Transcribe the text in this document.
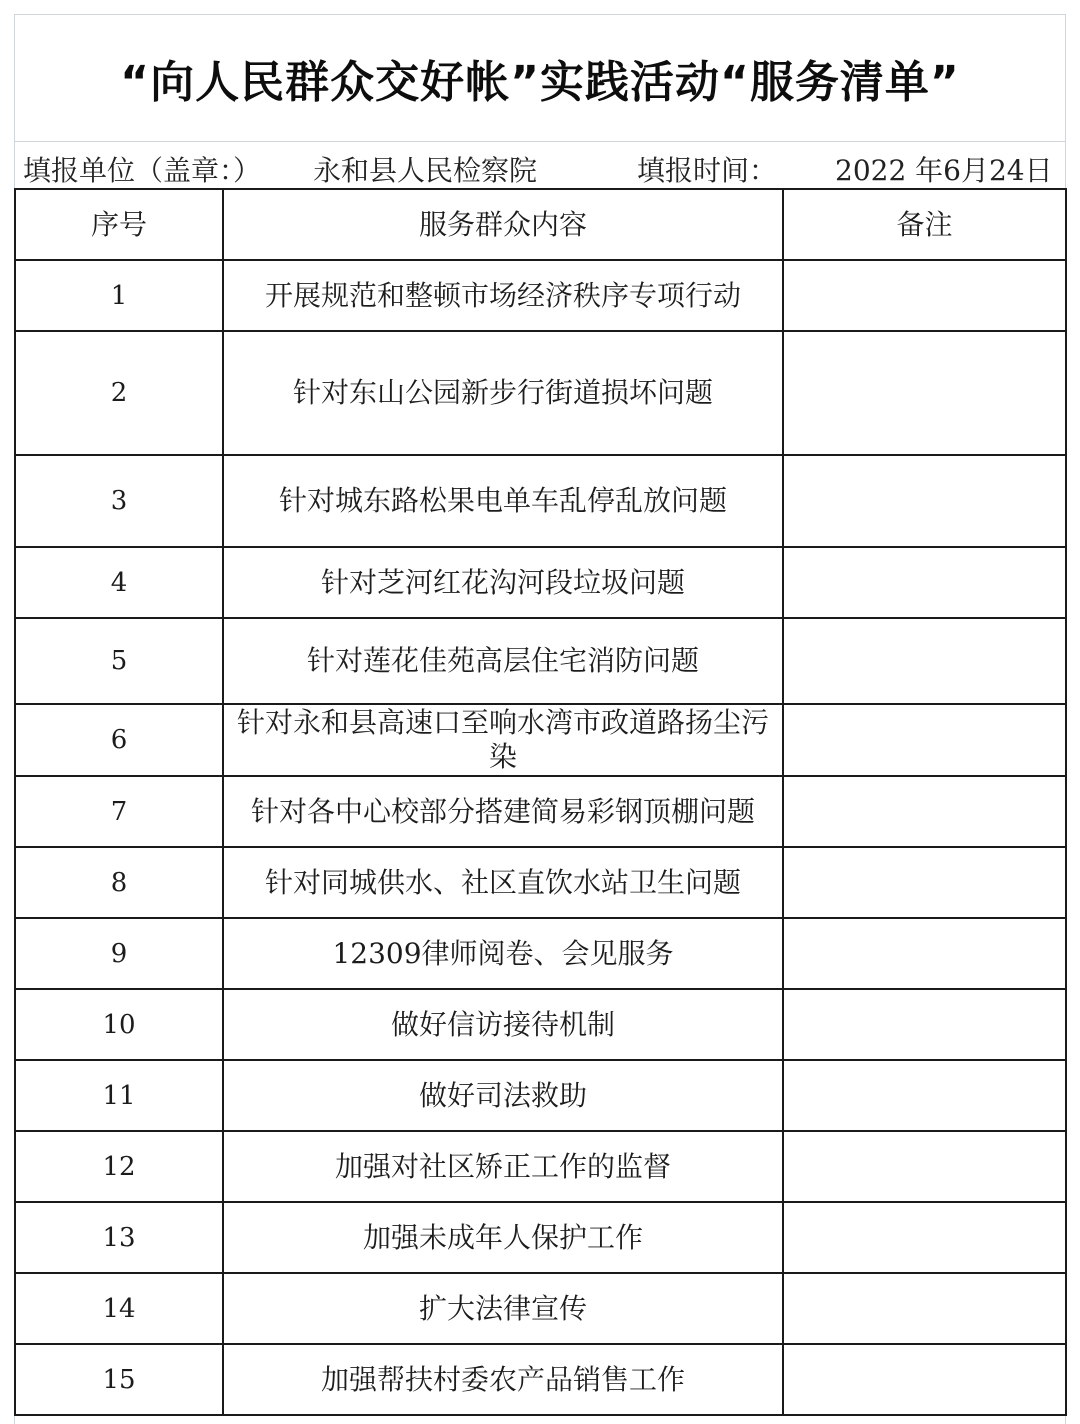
“向人民群众交好帐”实践活动“服务清单”
填报单位（盖章：） 永和县人民检察院	填报时间： 2022 年6月24日
序号	服务群众内容	备注
1	开展规范和整顿市场经济秩序专项行动	
2	针对东山公园新步行街道损坏问题	
3	针对城东路松果电单车乱停乱放问题	
4	针对芝河红花沟河段垃圾问题	
5	针对莲花佳苑高层住宅消防问题	
6	针对永和县高速口至响水湾市政道路扬尘污染	
7	针对各中心校部分搭建简易彩钢顶棚问题	
8	针对同城供水、社区直饮水站卫生问题	
9	12309律师阅卷、会见服务	
10	做好信访接待机制	
11	做好司法救助	
12	加强对社区矫正工作的监督	
13	加强未成年人保护工作	
14	扩大法律宣传	
15	加强帮扶村委农产品销售工作	
